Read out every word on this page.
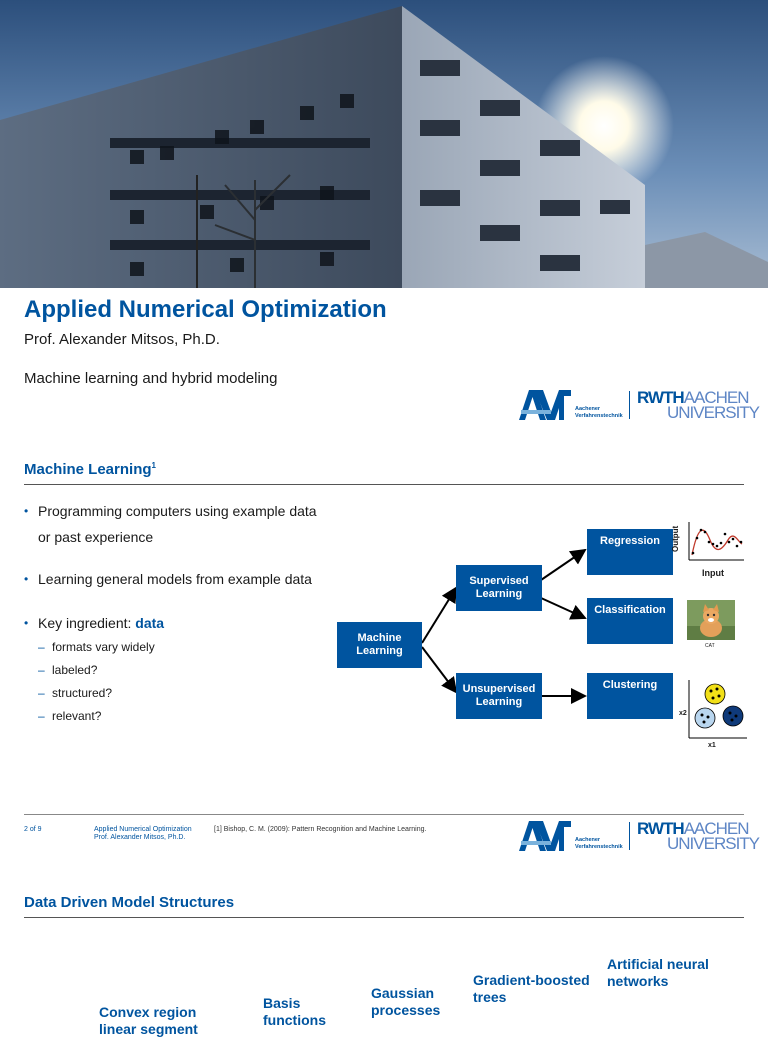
Applied Numerical Optimization
Prof. Alexander Mitsos, Ph.D.
Machine learning and hybrid modeling
Aachener
Verfahrenstechnik
RWTHAACHEN
UNIVERSITY
Machine Learning$^1$
• Programming computers using example data
or past experience
• Learning general models from example data
• Key ingredient: data
– formats vary widely
– labeled?
– structured?
– relevant?
Machine Learning
Supervised Learning
Unsupervised Learning
Regression
Classification
Clustering
Output
Input
CAT
x2
x1
2 of 9	Applied Numerical Optimization
Prof. Alexander Mitsos, Ph.D.
[1] Bishop, C. M. (2009): Pattern Recognition and Machine Learning.
Aachener
Verfahrenstechnik
RWTHAACHEN
UNIVERSITY
Data Driven Model Structures
Convex region linear segment
Basis functions
Gaussian processes
Gradient-boosted trees
Artificial neural networks
